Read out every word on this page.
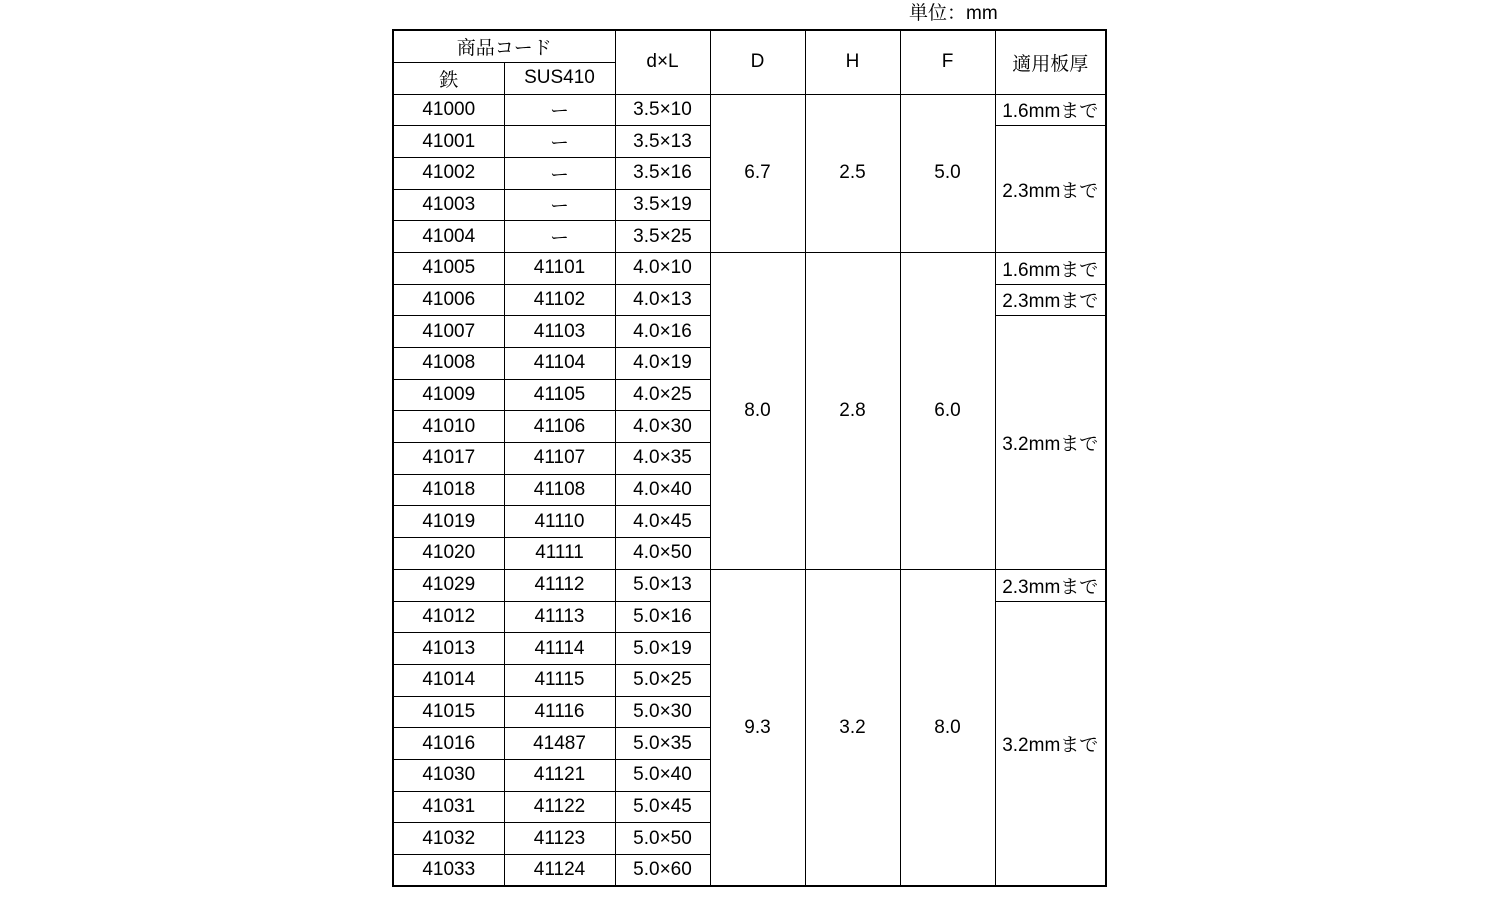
単位：mm
商品コード		d×L	D	H	F	適用板厚
鉄	SUS410					
41000	ー	3.5×10	6.7	2.5	5.0	1.6mmまで
41001	ー	3.5×13				2.3mmまで
41002	ー	3.5×16				
41003	ー	3.5×19				
41004	ー	3.5×25				
41005	41101	4.0×10	8.0	2.8	6.0	1.6mmまで
41006	41102	4.0×13				2.3mmまで
41007	41103	4.0×16				3.2mmまで
41008	41104	4.0×19				
41009	41105	4.0×25				
41010	41106	4.0×30				
41017	41107	4.0×35				
41018	41108	4.0×40				
41019	41110	4.0×45				
41020	41111	4.0×50				
41029	41112	5.0×13	9.3	3.2	8.0	2.3mmまで
41012	41113	5.0×16				3.2mmまで
41013	41114	5.0×19				
41014	41115	5.0×25				
41015	41116	5.0×30				
41016	41487	5.0×35				
41030	41121	5.0×40				
41031	41122	5.0×45				
41032	41123	5.0×50				
41033	41124	5.0×60				
